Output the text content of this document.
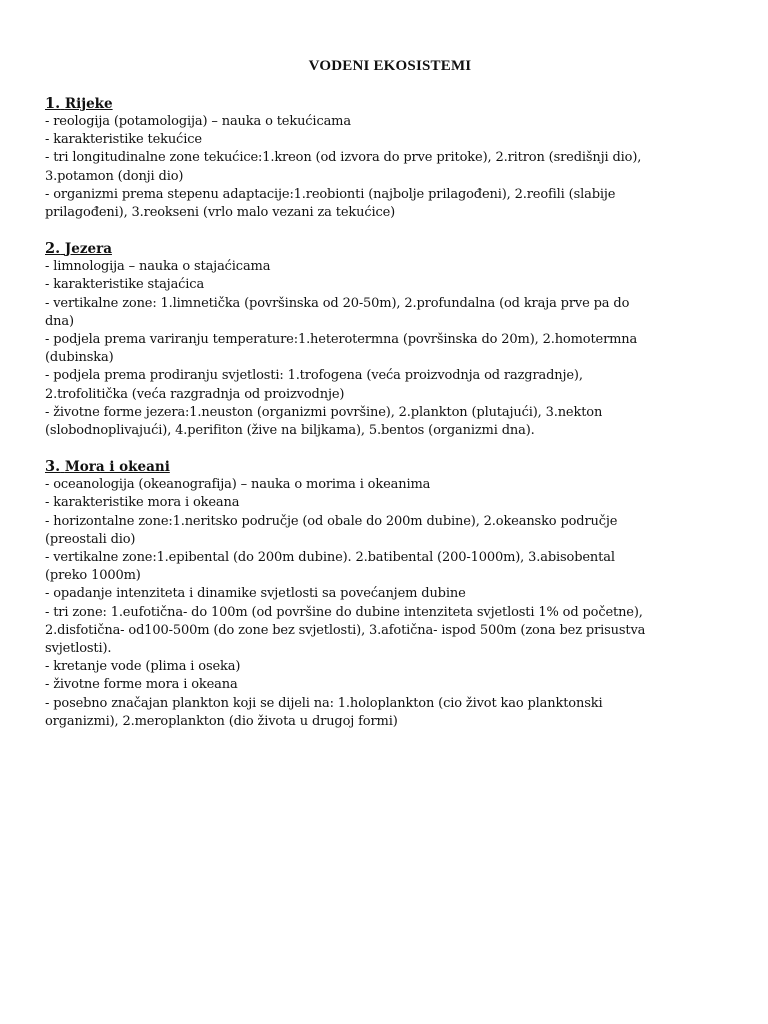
VODENI EKOSISTEMI
1. Rijeke
- reologija (potamologija) – nauka o tekućicama
- karakteristike tekućice
- tri longitudinalne zone tekućice:1.kreon (od izvora do prve pritoke), 2.ritron (središnji dio),
3.potamon (donji dio)
- organizmi prema stepenu adaptacije:1.reobionti (najbolje prilagođeni), 2.reofili (slabije
prilagođeni), 3.reokseni (vrlo malo vezani za tekućice)
2. Jezera
- limnologija – nauka o stajaćicama
- karakteristike stajaćica
- vertikalne zone: 1.limnetička (površinska od 20-50m), 2.profundalna (od kraja prve pa do
dna)
- podjela prema variranju temperature:1.heterotermna (površinska do 20m), 2.homotermna
(dubinska)
- podjela prema prodiranju svjetlosti: 1.trofogena (veća proizvodnja od razgradnje),
2.trofolitička (veća razgradnja od proizvodnje)
- životne forme jezera:1.neuston (organizmi površine), 2.plankton (plutajući), 3.nekton
(slobodnoplivajući), 4.perifiton (žive na biljkama), 5.bentos (organizmi dna).
3. Mora i okeani
- oceanologija (okeanografija) – nauka o morima i okeanima
- karakteristike mora i okeana
- horizontalne zone:1.neritsko područje (od obale do 200m dubine), 2.okeansko područje
(preostali dio)
- vertikalne zone:1.epibental (do 200m dubine). 2.batibental (200-1000m), 3.abisobental
(preko 1000m)
- opadanje intenziteta i dinamike svjetlosti sa povećanjem dubine
- tri zone: 1.eufotična- do 100m (od površine do dubine intenziteta svjetlosti 1% od početne),
2.disfotična- od100-500m (do zone bez svjetlosti), 3.afotična- ispod 500m (zona bez prisustva
svjetlosti).
- kretanje vode (plima i oseka)
- životne forme mora i okeana
- posebno značajan plankton koji se dijeli na: 1.holoplankton (cio život kao planktonski
organizmi), 2.meroplankton (dio života u drugoj formi)
